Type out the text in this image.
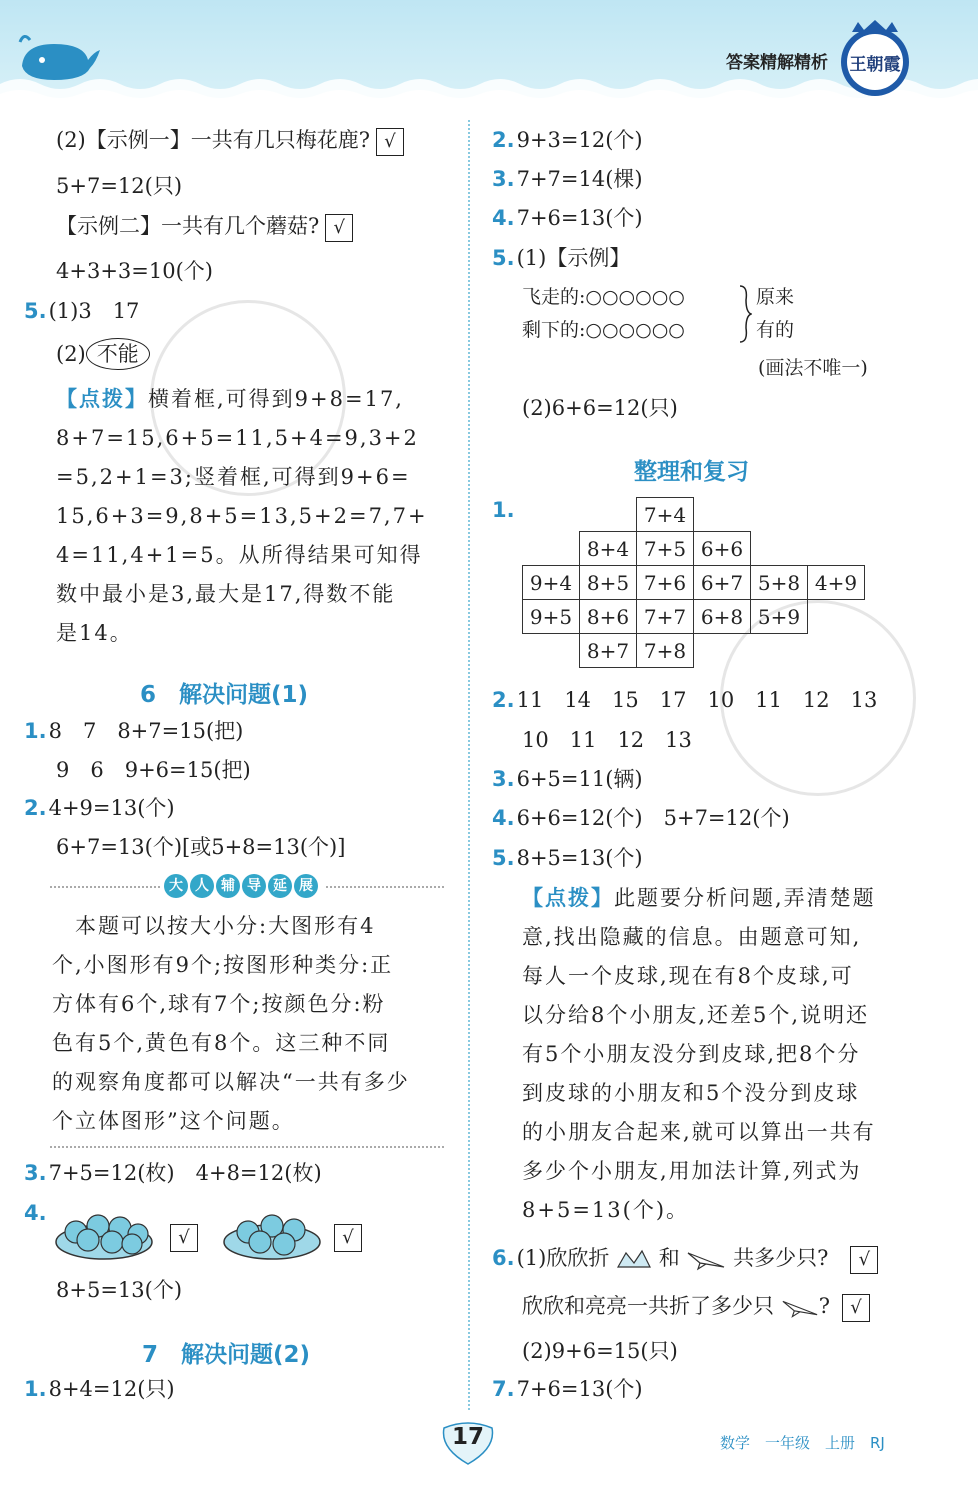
答案精解精析 王朝霞
(2)【示例一】一共有几只梅花鹿? √
5+7=12(只)
【示例二】一共有几个蘑菇? √
4+3+3=10(个)
5.(1)3　17
(2) 不能
【点拨】横着框,可得到9+8=17,
8+7=15,6+5=11,5+4=9,3+2
=5,2+1=3;竖着框,可得到9+6=
15,6+3=9,8+5=13,5+2=7,7+
4=11,4+1=5。从所得结果可知得
数中最小是3,最大是17,得数不能
是14。
6　解决问题(1)
1.8　7　8+7=15(把)
9　6　9+6=15(把)
2.4+9=13(个)
6+7=13(个)[或5+8=13(个)]
大 人 辅 导 延 展
　本题可以按大小分:大图形有4
个,小图形有9个;按图形种类分:正
方体有6个,球有7个;按颜色分:粉
色有5个,黄色有8个。这三种不同
的观察角度都可以解决“一共有多少
个立体图形”这个问题。
3.7+5=12(枚)　4+8=12(枚)
4.
√	√
8+5=13(个)
7　解决问题(2)
1.8+4=12(只)
2.9+3=12(个)
3.7+7=14(棵)
4.7+6=13(个)
5.(1)【示例】
飞走的:○○○○○○
剩下的:○○○○○○
原来
有的
(画法不唯一)
(2)6+6=12(只)
整理和复习
1.
			7+4			
	8+4	7+5	6+6		
9+4	8+5	7+6	6+7	5+8	4+9
9+5	8+6	7+7	6+8	5+9	
	8+7	7+8			
2.11　14　15　17　10　11　12　13
10　11　12　13
3.6+5=11(辆)
4.6+6=12(个)　5+7=12(个)
5.8+5=13(个)
【点拨】此题要分析问题,弄清楚题
意,找出隐藏的信息。由题意可知,
每人一个皮球,现在有8个皮球,可
以分给8个小朋友,还差5个,说明还
有5个小朋友没分到皮球,把8个分
到皮球的小朋友和5个没分到皮球
的小朋友合起来,就可以算出一共有
多少个小朋友,用加法计算,列式为
8+5=13(个)。
6.(1)欣欣折 和	共多少只? √
欣欣和亮亮一共折了多少只 ? √
(2)9+6=15(只)
7.7+6=13(个)
17	数学　一年级　上册　RJ
